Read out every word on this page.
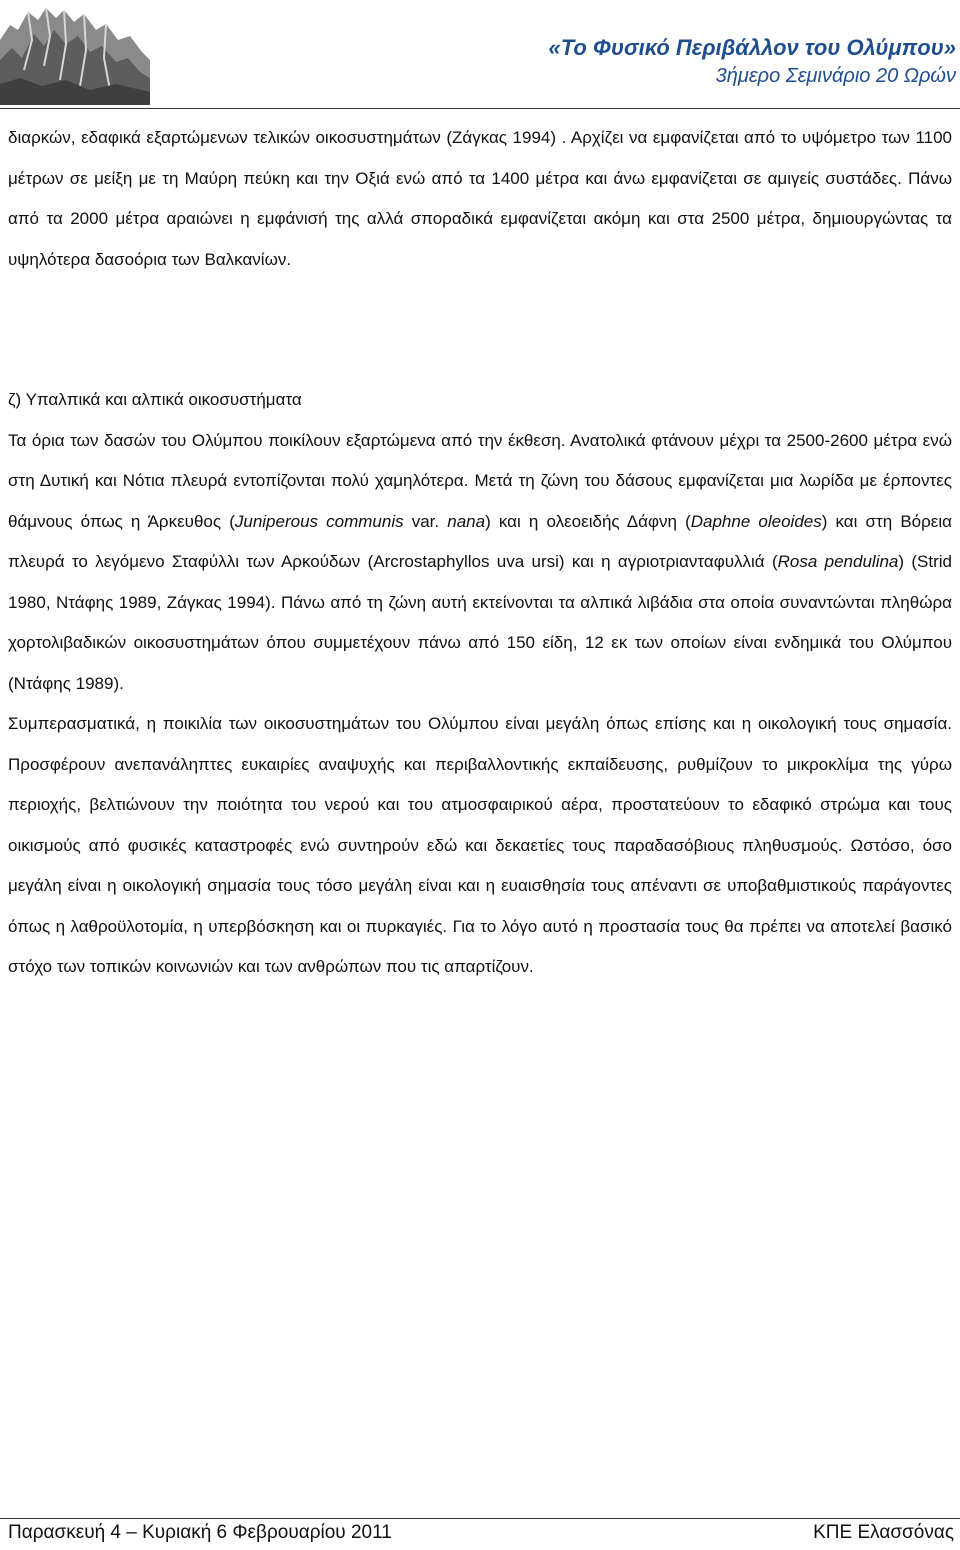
«Το Φυσικό Περιβάλλον του Ολύμπου»
3ήμερο Σεμινάριο 20 Ωρών

διαρκών, εδαφικά εξαρτώμενων τελικών οικοσυστημάτων (Ζάγκας 1994) . Αρχίζει να εμφανίζεται από το υψόμετρο των 1100 μέτρων σε μείξη με τη Μαύρη πεύκη και την Οξιά ενώ από τα 1400 μέτρα και άνω εμφανίζεται σε αμιγείς συστάδες. Πάνω από τα 2000 μέτρα αραιώνει η εμφάνισή της αλλά σποραδικά εμφανίζεται ακόμη και στα 2500 μέτρα, δημιουργώντας τα υψηλότερα δασοόρια των Βαλκανίων.

ζ) Υπαλπικά και αλπικά οικοσυστήματα

Τα όρια των δασών του Ολύμπου ποικίλουν εξαρτώμενα από την έκθεση. Ανατολικά φτάνουν μέχρι τα 2500-2600 μέτρα ενώ στη Δυτική και Νότια πλευρά εντοπίζονται πολύ χαμηλότερα. Μετά τη ζώνη του δάσους εμφανίζεται μια λωρίδα με έρποντες θάμνους όπως η Άρκευθος (Juniperous communis var. nana) και η ολεοειδής Δάφνη (Daphne oleoides) και στη Βόρεια πλευρά το λεγόμενο Σταφύλλι των Αρκούδων (Arcrostaphyllos uva ursi) και η αγριοτριανταφυλλιά (Rosa pendulina) (Strid 1980, Ντάφης 1989, Ζάγκας 1994). Πάνω από τη ζώνη αυτή εκτείνονται τα αλπικά λιβάδια στα οποία συναντώνται πληθώρα χορτολιβαδικών οικοσυστημάτων όπου συμμετέχουν πάνω από 150 είδη, 12 εκ των οποίων είναι ενδημικά του Ολύμπου (Ντάφης 1989).

Συμπερασματικά, η ποικιλία των οικοσυστημάτων του Ολύμπου είναι μεγάλη όπως επίσης και η οικολογική τους σημασία. Προσφέρουν ανεπανάληπτες ευκαιρίες αναψυχής και περιβαλλοντικής εκπαίδευσης, ρυθμίζουν το μικροκλίμα της γύρω περιοχής, βελτιώνουν την ποιότητα του νερού και του ατμοσφαιρικού αέρα, προστατεύουν το εδαφικό στρώμα και τους οικισμούς από φυσικές καταστροφές ενώ συντηρούν εδώ και δεκαετίες τους παραδασόβιους πληθυσμούς. Ωστόσο, όσο μεγάλη είναι η οικολογική σημασία τους τόσο μεγάλη είναι και η ευαισθησία τους απέναντι σε υποβαθμιστικούς παράγοντες όπως η λαθροϋλοτομία, η υπερβόσκηση και οι πυρκαγιές. Για το λόγο αυτό η προστασία τους θα πρέπει να αποτελεί βασικό στόχο των τοπικών κοινωνιών και των ανθρώπων που τις απαρτίζουν.

Παρασκευή 4 – Κυριακή 6 Φεβρουαρίου 2011	ΚΠΕ Ελασσόνας
